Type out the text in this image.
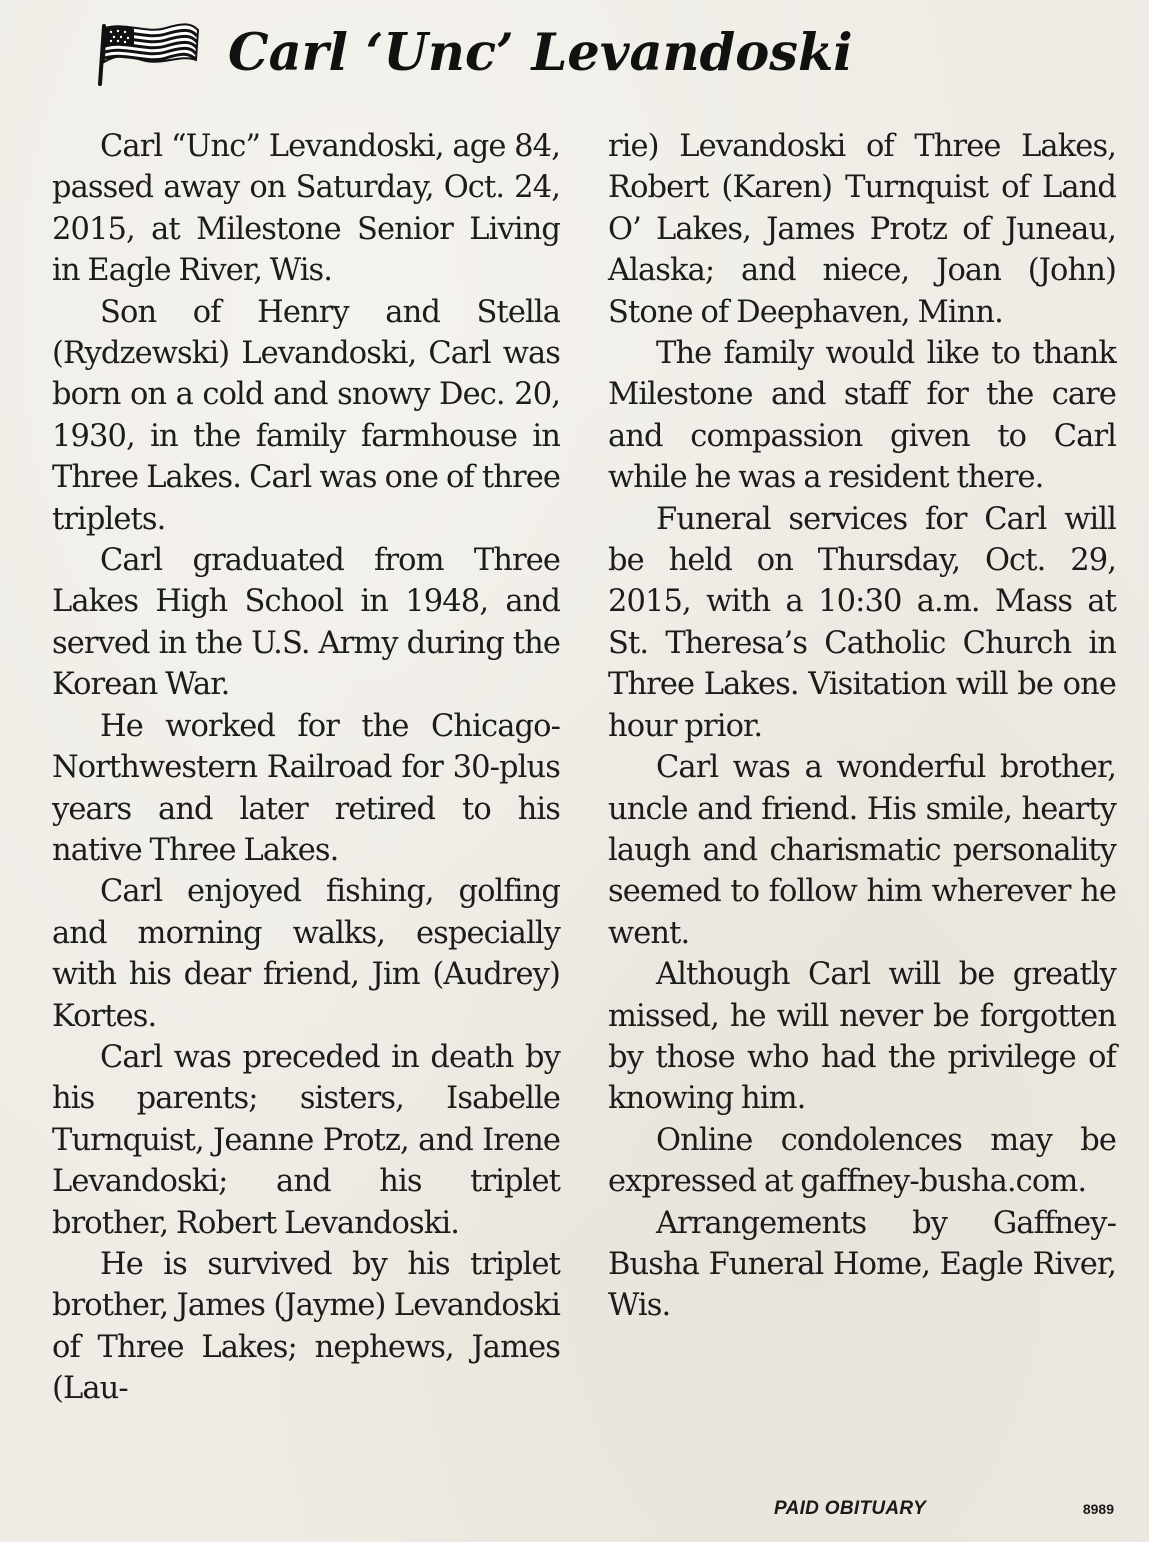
Carl ‘Unc’ Levandoski

Carl “Unc” Levandoski, age 84, passed away on Saturday, Oct. 24, 2015, at Milestone Senior Living in Eagle River, Wis.

Son of Henry and Stella (Rydzewski) Levandoski, Carl was born on a cold and snowy Dec. 20, 1930, in the family farmhouse in Three Lakes. Carl was one of three triplets.

Carl graduated from Three Lakes High School in 1948, and served in the U.S. Army during the Korean War.

He worked for the Chicago-Northwestern Railroad for 30-plus years and later retired to his native Three Lakes.

Carl enjoyed fishing, golfing and morning walks, especially with his dear friend, Jim (Audrey) Kortes.

Carl was preceded in death by his parents; sisters, Isabelle Turnquist, Jeanne Protz, and Irene Levandoski; and his triplet brother, Robert Levandoski.

He is survived by his triplet brother, James (Jayme) Levandoski of Three Lakes; nephews, James (Lau-

rie) Levandoski of Three Lakes, Robert (Karen) Turnquist of Land O’ Lakes, James Protz of Juneau, Alaska; and niece, Joan (John) Stone of Deephaven, Minn.

The family would like to thank Milestone and staff for the care and compassion given to Carl while he was a resident there.

Funeral services for Carl will be held on Thursday, Oct. 29, 2015, with a 10:30 a.m. Mass at St. Theresa’s Catholic Church in Three Lakes. Visitation will be one hour prior.

Carl was a wonderful brother, uncle and friend. His smile, hearty laugh and charismatic personality seemed to follow him wherever he went.

Although Carl will be greatly missed, he will never be forgotten by those who had the privilege of knowing him.

Online condolences may be expressed at gaffney-busha.com.

Arrangements by Gaffney-Busha Funeral Home, Eagle River, Wis.

PAID OBITUARY	8989
